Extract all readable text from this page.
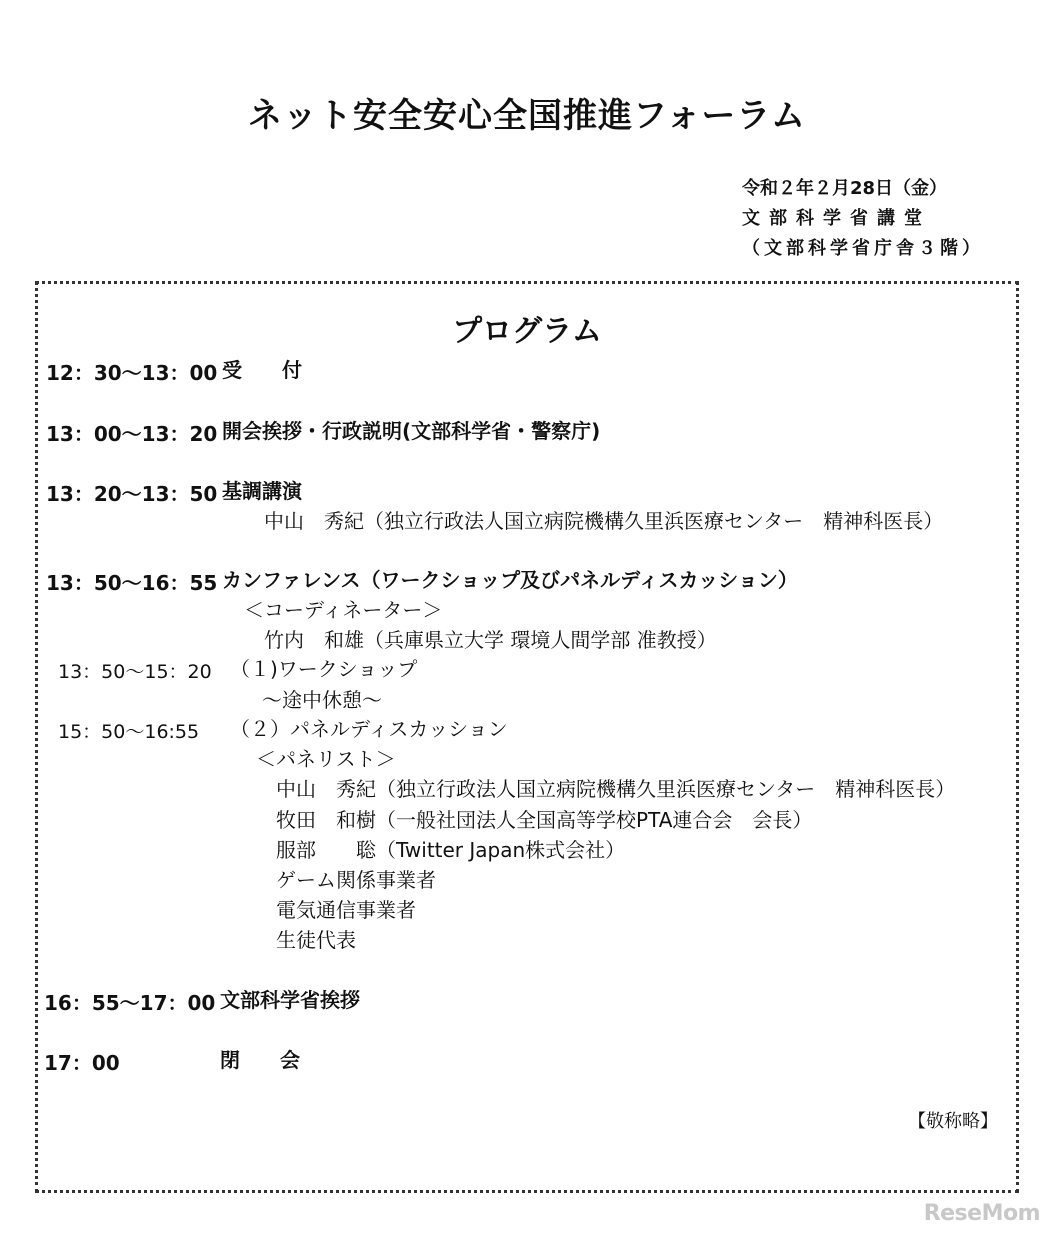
ネット安全安心全国推進フォーラム
令和２年２月28日（金）
文部科学省講堂
（文部科学省庁舎３階）
プログラム
12：30～13：00 受　　付
13：00～13：20 開会挨拶・行政説明(文部科学省・警察庁)
13：20～13：50 基調講演
中山　秀紀（独立行政法人国立病院機構久里浜医療センター　精神科医長）
13：50～16：55 カンファレンス（ワークショップ及びパネルディスカッション）
＜コーディネーター＞
竹内　和雄（兵庫県立大学 環境人間学部 准教授）
13：50～15：20 （１)ワークショップ
～途中休憩～
15：50～16:55 （２）パネルディスカッション
＜パネリスト＞
中山　秀紀（独立行政法人国立病院機構久里浜医療センター　精神科医長）
牧田　和樹（一般社団法人全国高等学校PTA連合会　会長）
服部　　聡（Twitter Japan株式会社）
ゲーム関係事業者
電気通信事業者
生徒代表
16：55～17：00 文部科学省挨拶
17：00	閉　　会
【敬称略】
ReseMom
